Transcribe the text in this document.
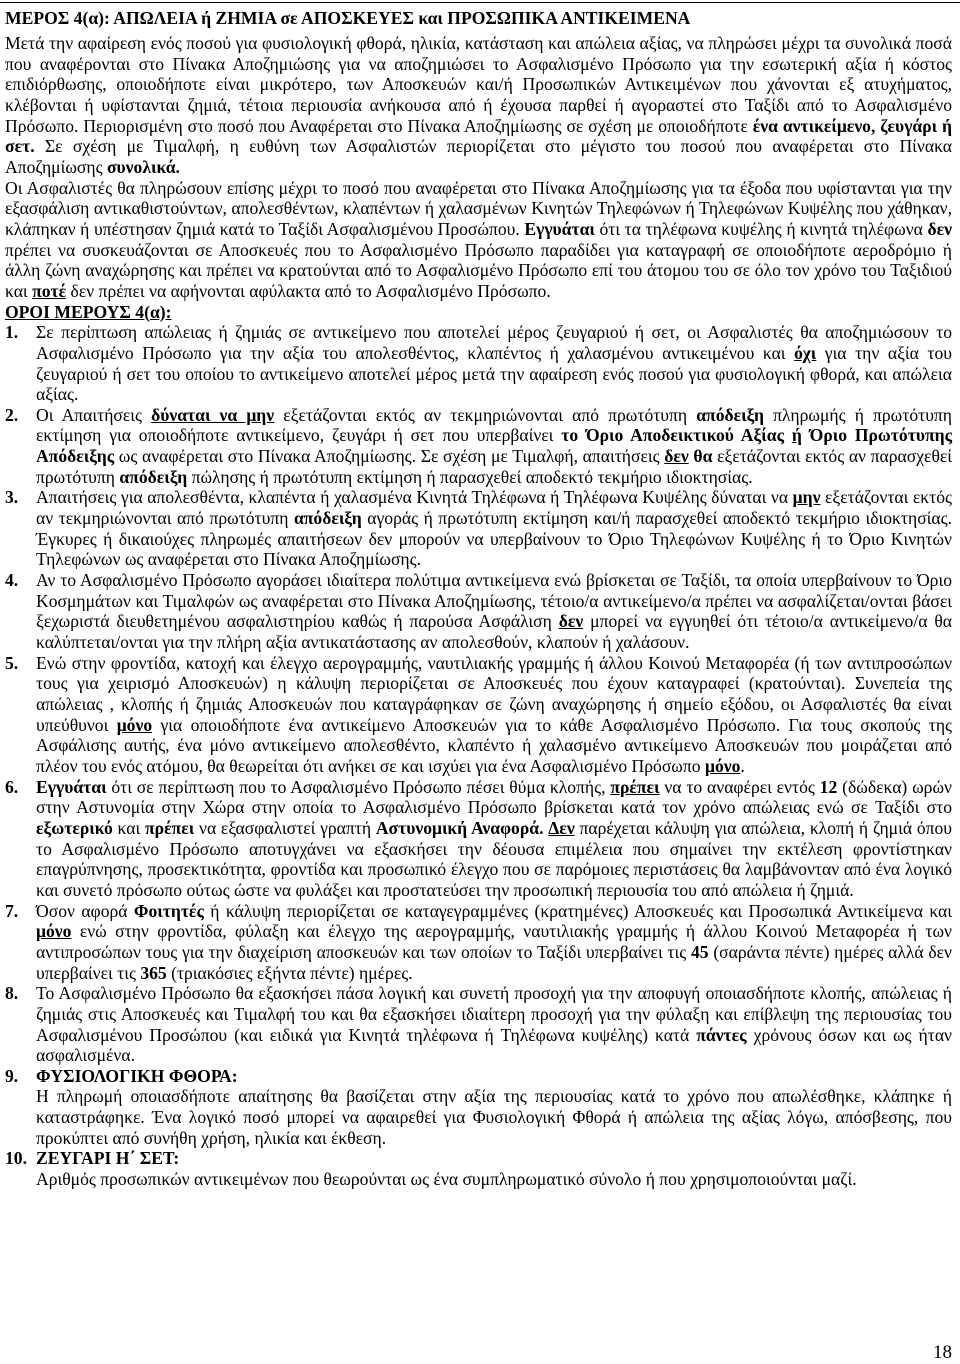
ΜΕΡΟΣ 4(α): ΑΠΩΛΕΙΑ ή ΖΗΜΙΑ σε ΑΠΟΣΚΕΥΕΣ και ΠΡΟΣΩΠΙΚΑ ΑΝΤΙΚΕΙΜΕΝΑ

Μετά την αφαίρεση ενός ποσού για φυσιολογική φθορά, ηλικία, κατάσταση και απώλεια αξίας, να πληρώσει μέχρι τα συνολικά ποσά που αναφέρονται στο Πίνακα Αποζημιώσης για να αποζημιώσει το Ασφαλισμένο Πρόσωπο για την εσωτερική αξία ή κόστος επιδιόρθωσης, οποιοδήποτε είναι μικρότερο, των Αποσκευών και/ή Προσωπικών Αντικειμένων που χάνονται εξ ατυχήματος, κλέβονται ή υφίστανται ζημιά, τέτοια περιουσία ανήκουσα από ή έχουσα παρθεί ή αγοραστεί στο Ταξίδι από το Ασφαλισμένο Πρόσωπο. Περιορισμένη στο ποσό που Αναφέρεται στο Πίνακα Αποζημίωσης σε σχέση με οποιοδήποτε ένα αντικείμενο, ζευγάρι ή σετ. Σε σχέση με Τιμαλφή, η ευθύνη των Ασφαλιστών περιορίζεται στο μέγιστο του ποσού που αναφέρεται στο Πίνακα Αποζημίωσης συνολικά.

Οι Ασφαλιστές θα πληρώσουν επίσης μέχρι το ποσό που αναφέρεται στο Πίνακα Αποζημίωσης για τα έξοδα που υφίστανται για την εξασφάλιση αντικαθιστούντων, απολεσθέντων, κλαπέντων ή χαλασμένων Κινητών Τηλεφώνων ή Τηλεφώνων Κυψέλης που χάθηκαν, κλάπηκαν ή υπέστησαν ζημιά κατά το Ταξίδι Ασφαλισμένου Προσώπου. Εγγυάται ότι τα τηλέφωνα κυψέλης ή κινητά τηλέφωνα δεν πρέπει να συσκευάζονται σε Αποσκευές που το Ασφαλισμένο Πρόσωπο παραδίδει για καταγραφή σε οποιοδήποτε αεροδρόμιο ή άλλη ζώνη αναχώρησης και πρέπει να κρατούνται από το Ασφαλισμένο Πρόσωπο επί του άτομου του σε όλο τον χρόνο του Ταξιδιού και ποτέ δεν πρέπει να αφήνονται αφύλακτα από το Ασφαλισμένο Πρόσωπο.

ΟΡΟΙ ΜΕΡΟΥΣ 4(α):
1. Σε περίπτωση απώλειας ή ζημιάς σε αντικείμενο που αποτελεί μέρος ζευγαριού ή σετ, οι Ασφαλιστές θα αποζημιώσουν το Ασφαλισμένο Πρόσωπο για την αξία του απολεσθέντος, κλαπέντος ή χαλασμένου αντικειμένου και όχι για την αξία του ζευγαριού ή σετ του οποίου το αντικείμενο αποτελεί μέρος μετά την αφαίρεση ενός ποσού για φυσιολογική φθορά, και απώλεια αξίας.
2. Οι Απαιτήσεις δύναται να μην εξετάζονται εκτός αν τεκμηριώνονται από πρωτότυπη απόδειξη πληρωμής ή πρωτότυπη εκτίμηση για οποιοδήποτε αντικείμενο, ζευγάρι ή σετ που υπερβαίνει το Όριο Αποδεικτικού Αξίας ή Όριο Πρωτότυπης Απόδειξης ως αναφέρεται στο Πίνακα Αποζημίωσης. Σε σχέση με Τιμαλφή, απαιτήσεις δεν θα εξετάζονται εκτός αν παρασχεθεί πρωτότυπη απόδειξη πώλησης ή πρωτότυπη εκτίμηση ή παρασχεθεί αποδεκτό τεκμήριο ιδιοκτησίας.
3. Απαιτήσεις για απολεσθέντα, κλαπέντα ή χαλασμένα Κινητά Τηλέφωνα ή Τηλέφωνα Κυψέλης δύναται να μην εξετάζονται εκτός αν τεκμηριώνονται από πρωτότυπη απόδειξη αγοράς ή πρωτότυπη εκτίμηση και/ή παρασχεθεί αποδεκτό τεκμήριο ιδιοκτησίας. Έγκυρες ή δικαιούχες πληρωμές απαιτήσεων δεν μπορούν να υπερβαίνουν το Όριο Τηλεφώνων Κυψέλης ή το Όριο Κινητών Τηλεφώνων ως αναφέρεται στο Πίνακα Αποζημίωσης.
4. Αν το Ασφαλισμένο Πρόσωπο αγοράσει ιδιαίτερα πολύτιμα αντικείμενα ενώ βρίσκεται σε Ταξίδι, τα οποία υπερβαίνουν το Όριο Κοσμημάτων και Τιμαλφών ως αναφέρεται στο Πίνακα Αποζημίωσης, τέτοιο/α αντικείμενο/α πρέπει να ασφαλίζεται/ονται βάσει ξεχωριστά διευθετημένου ασφαλιστηρίου καθώς ή παρούσα Ασφάλιση δεν μπορεί να εγγυηθεί ότι τέτοιο/α αντικείμενο/α θα καλύπτεται/ονται για την πλήρη αξία αντικατάστασης αν απολεσθούν, κλαπούν ή χαλάσουν.
5. Ενώ στην φροντίδα, κατοχή και έλεγχο αερογραμμής, ναυτιλιακής γραμμής ή άλλου Κοινού Μεταφορέα (ή των αντιπροσώπων τους για χειρισμό Αποσκευών) η κάλυψη περιορίζεται σε Αποσκευές που έχουν καταγραφεί (κρατούνται). Συνεπεία της απώλειας , κλοπής ή ζημιάς Αποσκευών που καταγράφηκαν σε ζώνη αναχώρησης ή σημείο εξόδου, οι Ασφαλιστές θα είναι υπεύθυνοι μόνο για οποιοδήποτε ένα αντικείμενο Αποσκευών για το κάθε Ασφαλισμένο Πρόσωπο. Για τους σκοπούς της Ασφάλισης αυτής, ένα μόνο αντικείμενο απολεσθέντο, κλαπέντο ή χαλασμένο αντικείμενο Αποσκευών που μοιράζεται από πλέον του ενός ατόμου, θα θεωρείται ότι ανήκει σε και ισχύει για ένα Ασφαλισμένο Πρόσωπο μόνο.
6. Εγγυάται ότι σε περίπτωση που το Ασφαλισμένο Πρόσωπο πέσει θύμα κλοπής, πρέπει να το αναφέρει εντός 12 (δώδεκα) ωρών στην Αστυνομία στην Χώρα στην οποία το Ασφαλισμένο Πρόσωπο βρίσκεται κατά τον χρόνο απώλειας ενώ σε Ταξίδι στο εξωτερικό και πρέπει να εξασφαλιστεί γραπτή Αστυνομική Αναφορά. Δεν παρέχεται κάλυψη για απώλεια, κλοπή ή ζημιά όπου το Ασφαλισμένο Πρόσωπο αποτυγχάνει να εξασκήσει την δέουσα επιμέλεια που σημαίνει την εκτέλεση φροντίστηκαν επαγρύπνησης, προσεκτικότητα, φροντίδα και προσωπικό έλεγχο που σε παρόμοιες περιστάσεις θα λαμβάνονταν από ένα λογικό και συνετό πρόσωπο ούτως ώστε να φυλάξει και προστατεύσει την προσωπική περιουσία του από απώλεια ή ζημιά.
7. Όσον αφορά Φοιτητές ή κάλυψη περιορίζεται σε καταγεγραμμένες (κρατημένες) Αποσκευές και Προσωπικά Αντικείμενα και μόνο ενώ στην φροντίδα, φύλαξη και έλεγχο της αερογραμμής, ναυτιλιακής γραμμής ή άλλου Κοινού Μεταφορέα ή των αντιπροσώπων τους για την διαχείριση αποσκευών και των οποίων το Ταξίδι υπερβαίνει τις 45 (σαράντα πέντε) ημέρες αλλά δεν υπερβαίνει τις 365 (τριακόσιες εξήντα πέντε) ημέρες.
8. Το Ασφαλισμένο Πρόσωπο θα εξασκήσει πάσα λογική και συνετή προσοχή για την αποφυγή οποιασδήποτε κλοπής, απώλειας ή ζημιάς στις Αποσκευές και Τιμαλφή του και θα εξασκήσει ιδιαίτερη προσοχή για την φύλαξη και επίβλεψη της περιουσίας του Ασφαλισμένου Προσώπου (και ειδικά για Κινητά τηλέφωνα ή Τηλέφωνα κυψέλης) κατά πάντες χρόνους όσων και ως ήταν ασφαλισμένα.
9. ΦΥΣΙΟΛΟΓΙΚΗ ΦΘΟΡΑ:
Η πληρωμή οποιασδήποτε απαίτησης θα βασίζεται στην αξία της περιουσίας κατά το χρόνο που απωλέσθηκε, κλάπηκε ή καταστράφηκε. Ένα λογικό ποσό μπορεί να αφαιρεθεί για Φυσιολογική Φθορά ή απώλεια της αξίας λόγω, απόσβεσης, που προκύπτει από συνήθη χρήση, ηλικία και έκθεση.
10. ΖΕΥΓΑΡΙ Η΄ ΣΕΤ:
Αριθμός προσωπικών αντικειμένων που θεωρούνται ως ένα συμπληρωματικό σύνολο ή που χρησιμοποιούνται μαζί.
18
